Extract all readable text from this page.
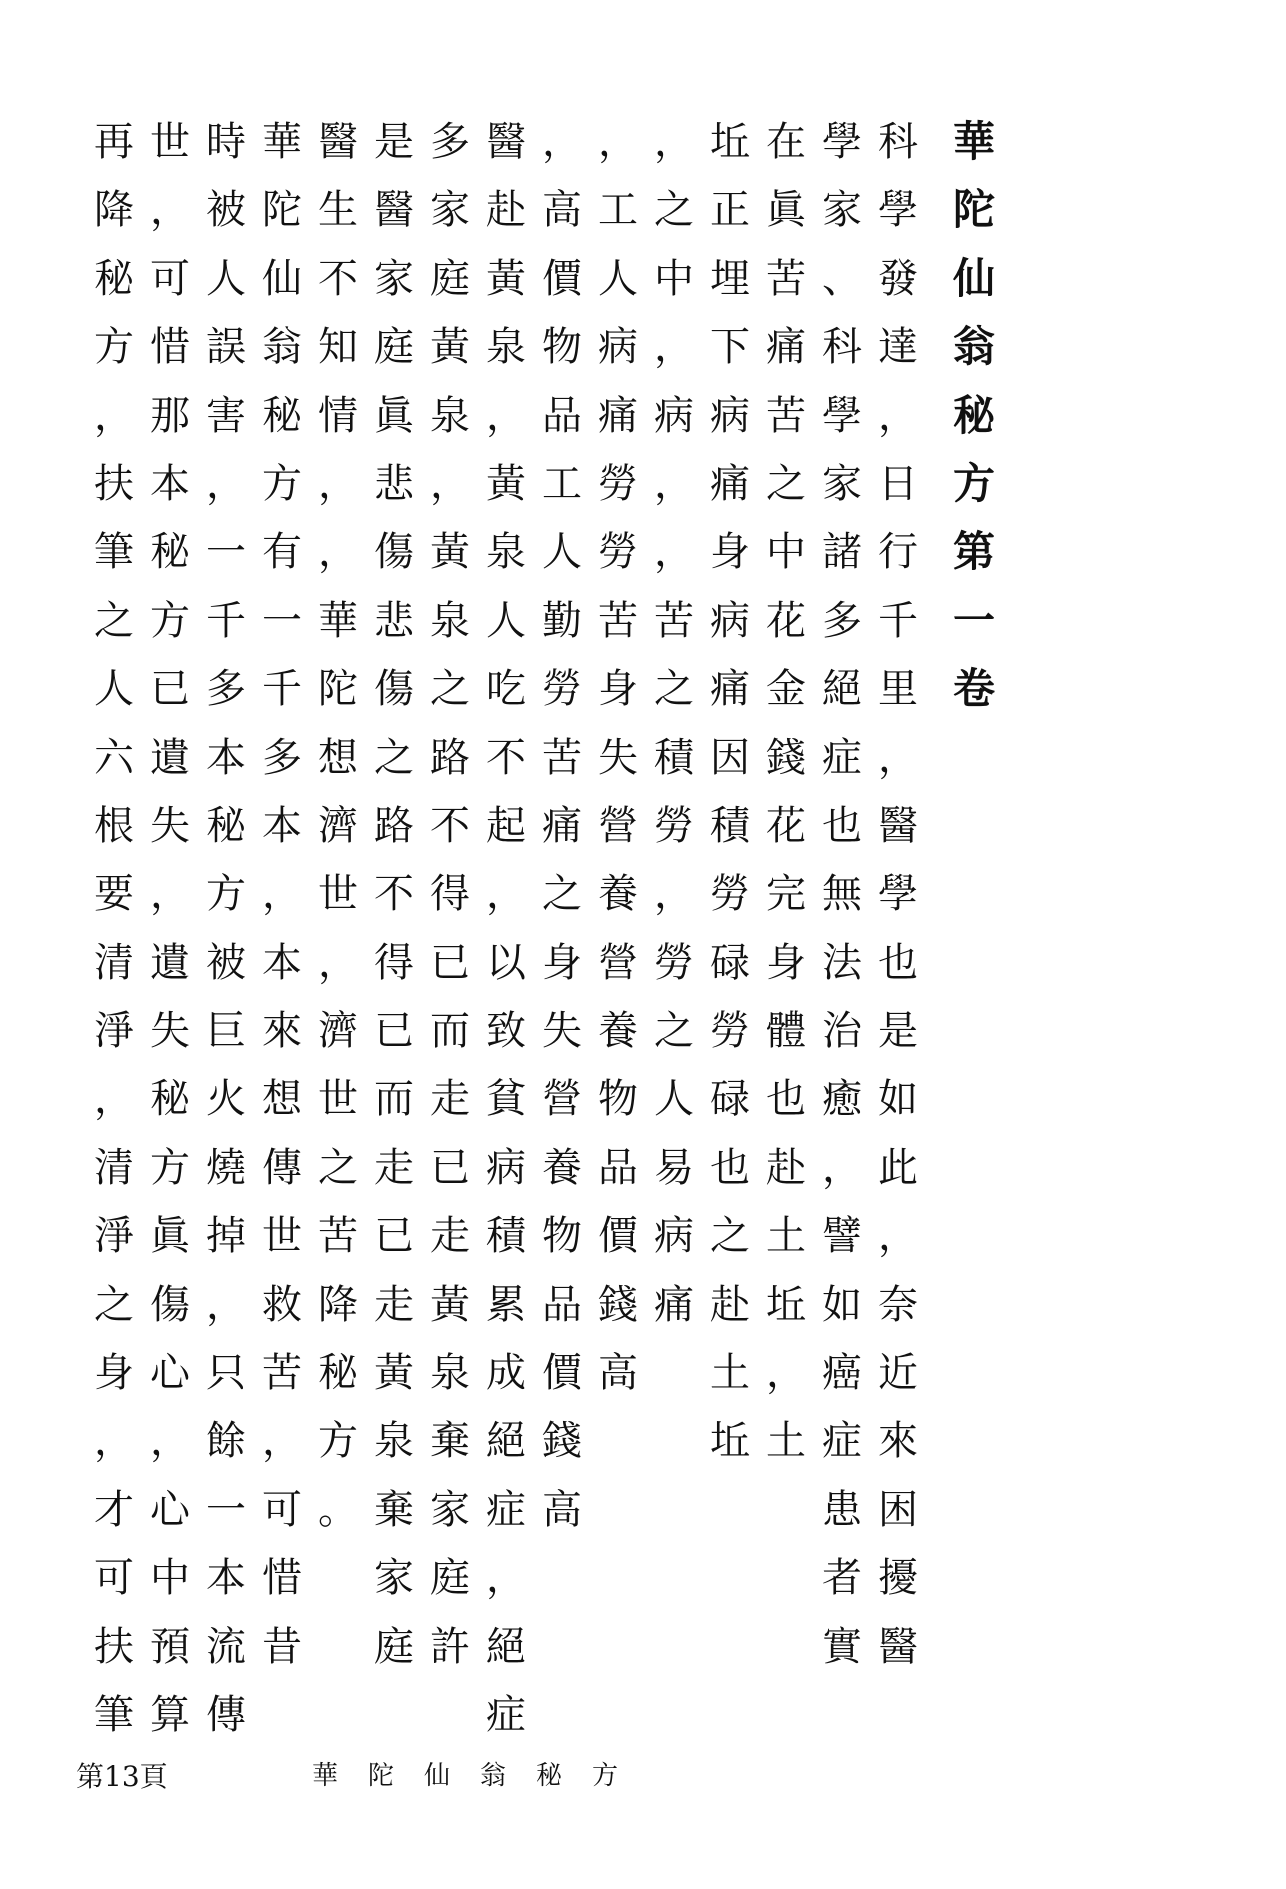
華
陀
仙
翁
秘
方
第
一
卷
科
學
發
達
，
日
行
千
里
，
醫
學
也
是
如
此
，
奈
近
來
困
擾
醫
學
家
、
科
學
家
諸
多
絕
症
也
無
法
治
癒
，
譬
如
癌
症
患
者
實
在
眞
苦
痛
苦
之
中
花
金
錢
花
完
身
體
也
赴
土
坵
，
土
坵
正
埋
下
病
痛
身
病
痛
因
積
勞
碌
勞
碌
也
之
赴
土
坵
，
之
中
，
病
，
，
苦
之
積
勞
，
勞
之
人
易
病
痛
，
工
人
病
痛
勞
勞
苦
身
失
營
養
營
養
物
品
價
錢
高
，
高
價
物
品
工
人
勤
勞
苦
痛
之
身
失
營
養
物
品
價
錢
高
醫
赴
黃
泉
，
黃
泉
人
吃
不
起
，
以
致
貧
病
積
累
成
絕
症
，
絕
症
多
家
庭
黃
泉
，
黃
泉
之
路
不
得
已
而
走
已
走
黃
泉
棄
家
庭
許
是
醫
家
庭
眞
悲
傷
悲
傷
之
路
不
得
已
而
走
已
走
黃
泉
棄
家
庭
醫
生
不
知
情
，
，
華
陀
想
濟
世
，
濟
世
之
苦
降
秘
方
。
華
陀
仙
翁
秘
方
有
一
千
多
本
，
本
來
想
傳
世
救
苦
，
可
惜
昔
時
被
人
誤
害
，
一
千
多
本
秘
方
被
巨
火
燒
掉
，
只
餘
一
本
流
傳
世
，
可
惜
那
本
秘
方
已
遺
失
，
遺
失
秘
方
眞
傷
心
，
心
中
預
算
再
降
秘
方
，
扶
筆
之
人
六
根
要
清
淨
，
清
淨
之
身
，
才
可
扶
筆
第13頁	華陀仙翁秘方
